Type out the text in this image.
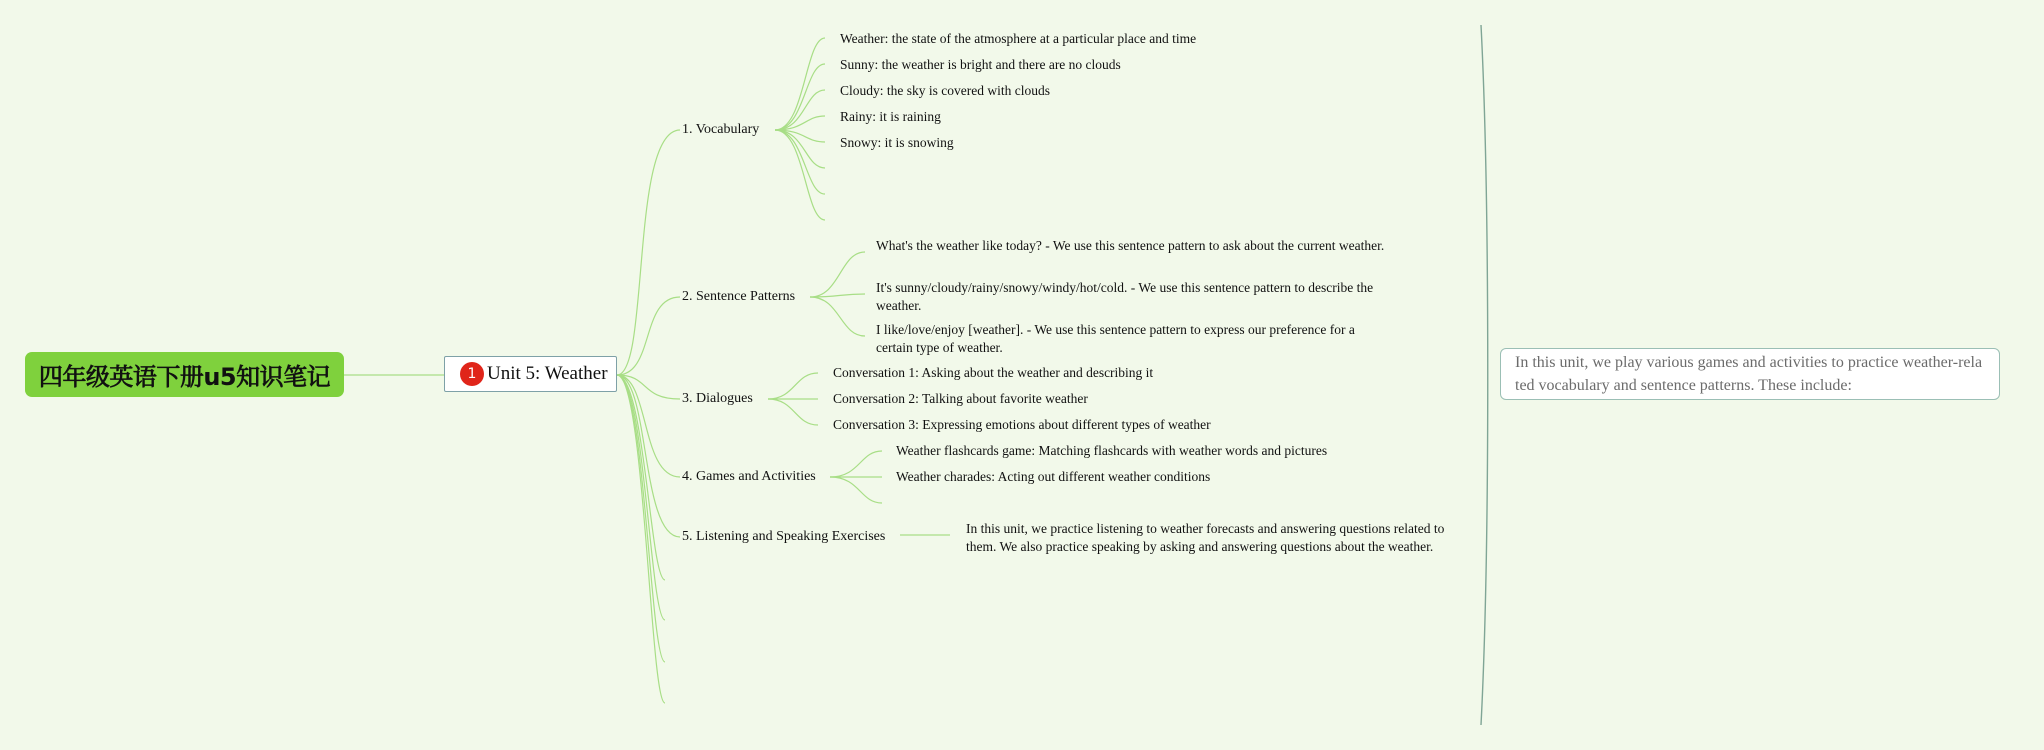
四年级英语下册u5知识笔记	1 Unit 5: Weather
1. Vocabulary
2. Sentence Patterns
3. Dialogues
4. Games and Activities
5. Listening and Speaking Exercises
Weather: the state of the atmosphere at a particular place and time
Sunny: the weather is bright and there are no clouds
Cloudy: the sky is covered with clouds
Rainy: it is raining
Snowy: it is snowing
What's the weather like today? - We use this sentence pattern to ask about the current weather.
It's sunny/cloudy/rainy/snowy/windy/hot/cold. - We use this sentence pattern to describe the weather.
I like/love/enjoy [weather]. - We use this sentence pattern to express our preference for a certain type of weather.
Conversation 1: Asking about the weather and describing it
Conversation 2: Talking about favorite weather
Conversation 3: Expressing emotions about different types of weather
Weather flashcards game: Matching flashcards with weather words and pictures
Weather charades: Acting out different weather conditions
In this unit, we practice listening to weather forecasts and answering questions related to them. We also practice speaking by asking and answering questions about the weather.
In this unit, we play various games and activities to practice weather-related vocabulary and sentence patterns. These include:
